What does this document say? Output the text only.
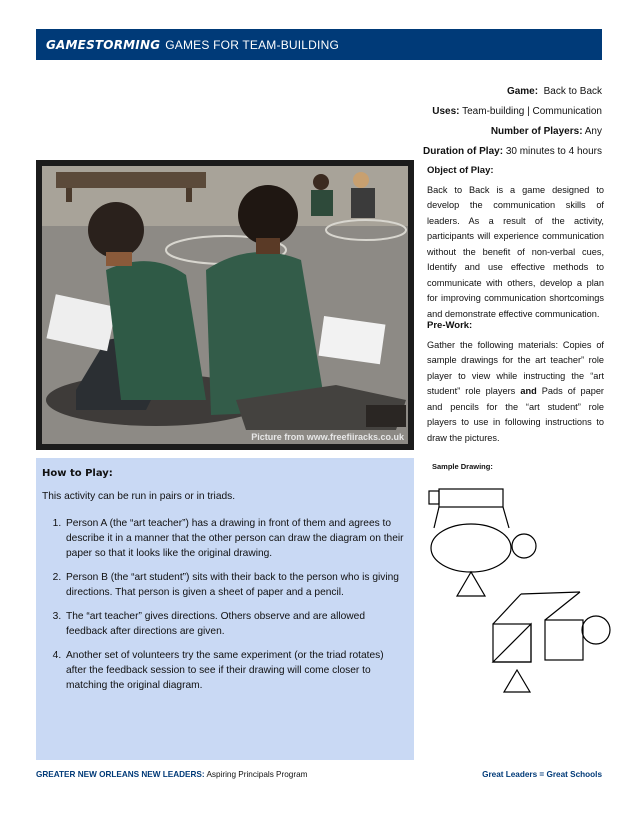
GAMESTORMING GAMES FOR TEAM-BUILDING
Game: Back to Back
Uses: Team-building | Communication
Number of Players: Any
Duration of Play: 30 minutes to 4 hours
Picture from www.freefiiracks.co.uk
Object of Play:

Back to Back is a game designed to develop the communication skills of leaders. As a result of the activity, participants will experience communication without the benefit of non-verbal cues, Identify and use effective methods to communicate with others, develop a plan for improving communication shortcomings and demonstrate effective communication.

Pre-Work:

Gather the following materials: Copies of sample drawings for the art teacher” role player to view while instructing the “art student” role players and Pads of paper and pencils for the “art student” role players to use in following instructions to draw the pictures.

How to Play:

This activity can be run in pairs or in triads.

1. Person A (the “art teacher”) has a drawing in front of them and agrees to describe it in a manner that the other person can draw the diagram on their paper so that it looks like the original drawing.
2. Person B (the “art student”) sits with their back to the person who is giving directions. That person is given a sheet of paper and a pencil.
3. The “art teacher” gives directions. Others observe and are allowed feedback after directions are given.
4. Another set of volunteers try the same experiment (or the triad rotates) after the feedback session to see if their drawing will come closer to matching the original diagram.
Sample Drawing:
GREATER NEW ORLEANS NEW LEADERS: Aspiring Principals Program	Great Leaders = Great Schools
